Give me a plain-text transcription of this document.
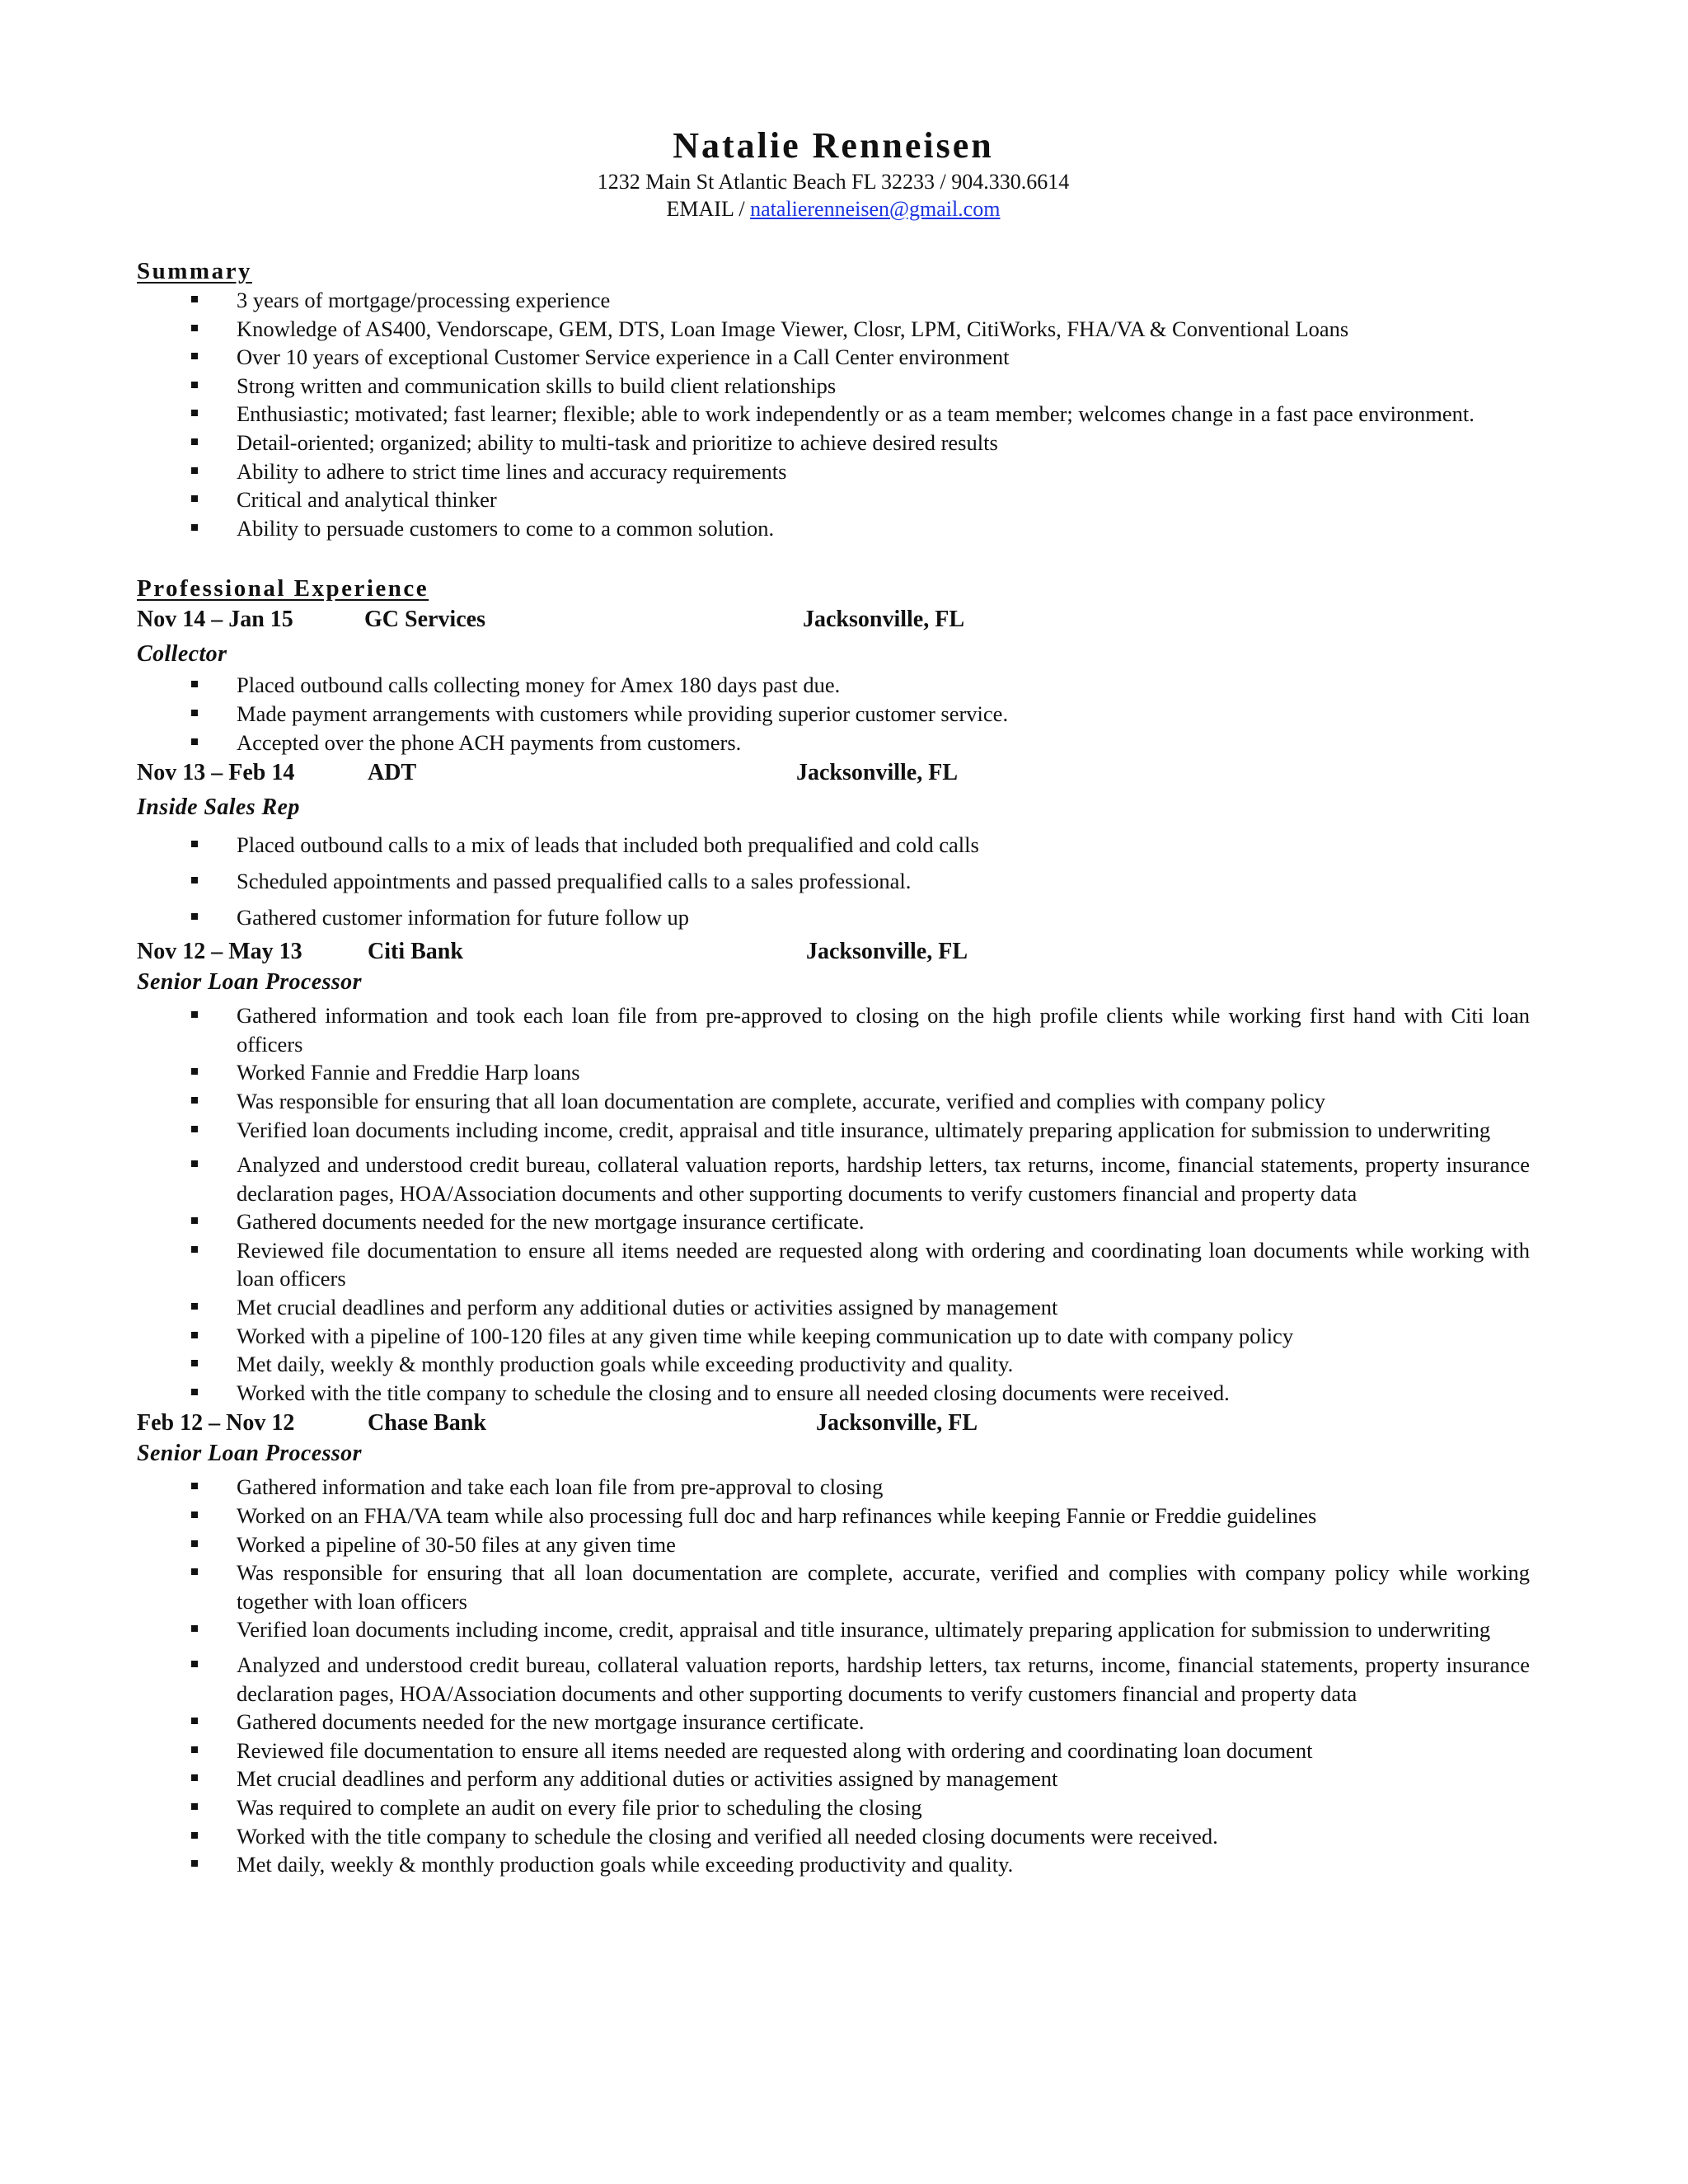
Natalie Renneisen
1232 Main St Atlantic Beach FL 32233 / 904.330.6614
EMAIL / natalierenneisen@gmail.com
Summary
3 years of mortgage/processing experience
Knowledge of AS400, Vendorscape, GEM, DTS, Loan Image Viewer, Closr, LPM, CitiWorks, FHA/VA & Conventional Loans
Over 10 years of exceptional Customer Service experience in a Call Center environment
Strong written and communication skills to build client relationships
Enthusiastic; motivated; fast learner; flexible; able to work independently or as a team member; welcomes change in a fast pace environment.
Detail-oriented; organized; ability to multi-task and prioritize to achieve desired results
Ability to adhere to strict time lines and accuracy requirements
Critical and analytical thinker
Ability to persuade customers to come to a common solution.
Professional Experience
Nov 14 – Jan 15	GC Services	Jacksonville, FL
Collector
Placed outbound calls collecting money for Amex 180 days past due.
Made payment arrangements with customers while providing superior customer service.
Accepted over the phone ACH payments from customers.
Nov 13 – Feb 14	ADT	Jacksonville, FL
Inside Sales Rep
Placed outbound calls to a mix of leads that included both prequalified and cold calls
Scheduled appointments and passed prequalified calls to a sales professional.
Gathered customer information for future follow up
Nov 12 – May 13	Citi Bank	Jacksonville, FL
Senior Loan Processor
Gathered information and took each loan file from pre-approved to closing on the high profile clients while working first hand with Citi loan officers
Worked Fannie and Freddie Harp loans
Was responsible for ensuring that all loan documentation are complete, accurate, verified and complies with company policy
Verified loan documents including income, credit, appraisal and title insurance, ultimately preparing application for submission to underwriting
Analyzed and understood credit bureau, collateral valuation reports, hardship letters, tax returns, income, financial statements, property insurance declaration pages, HOA/Association documents and other supporting documents to verify customers financial and property data
Gathered documents needed for the new mortgage insurance certificate.
Reviewed file documentation to ensure all items needed are requested along with ordering and coordinating loan documents while working with loan officers
Met crucial deadlines and perform any additional duties or activities assigned by management
Worked with a pipeline of 100-120 files at any given time while keeping communication up to date with company policy
Met daily, weekly & monthly production goals while exceeding productivity and quality.
Worked with the title company to schedule the closing and to ensure all needed closing documents were received.
Feb 12 – Nov 12	Chase Bank	Jacksonville, FL
Senior Loan Processor
Gathered information and take each loan file from pre-approval to closing
Worked on an FHA/VA team while also processing full doc and harp refinances while keeping Fannie or Freddie guidelines
Worked a pipeline of 30-50 files at any given time
Was responsible for ensuring that all loan documentation are complete, accurate, verified and complies with company policy while working together with loan officers
Verified loan documents including income, credit, appraisal and title insurance, ultimately preparing application for submission to underwriting
Analyzed and understood credit bureau, collateral valuation reports, hardship letters, tax returns, income, financial statements, property insurance declaration pages, HOA/Association documents and other supporting documents to verify customers financial and property data
Gathered documents needed for the new mortgage insurance certificate.
Reviewed file documentation to ensure all items needed are requested along with ordering and coordinating loan document
Met crucial deadlines and perform any additional duties or activities assigned by management
Was required to complete an audit on every file prior to scheduling the closing
Worked with the title company to schedule the closing and verified all needed closing documents were received.
Met daily, weekly & monthly production goals while exceeding productivity and quality.
